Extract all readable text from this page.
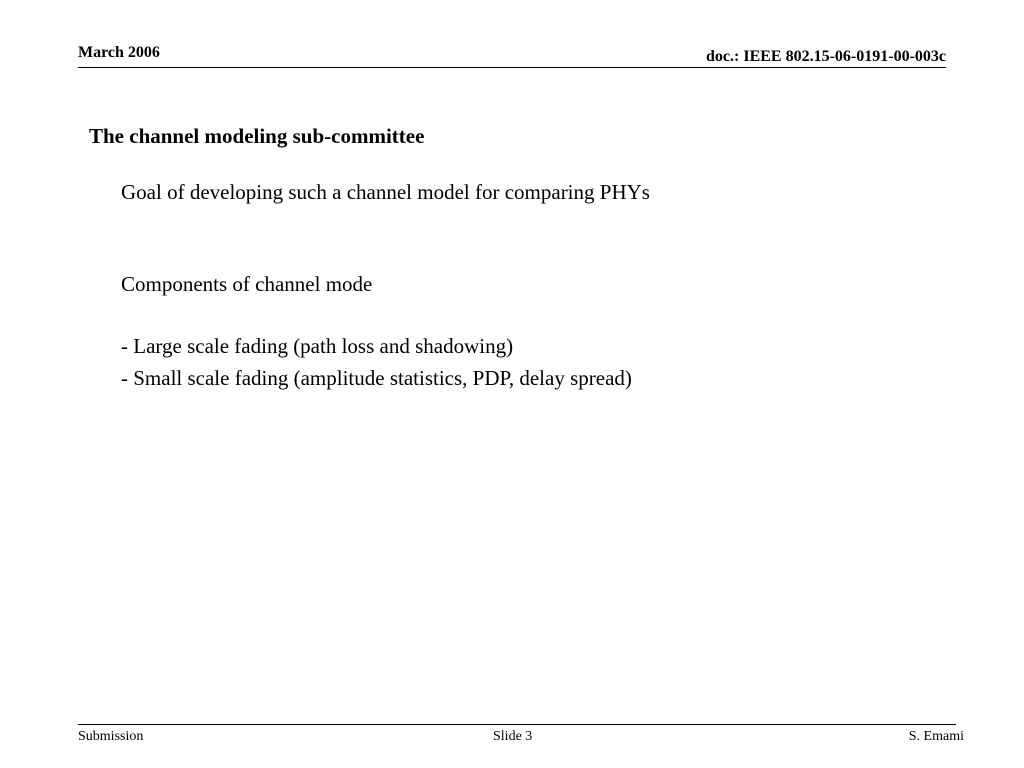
March 2006	doc.: IEEE 802.15-06-0191-00-003c
The channel modeling sub-committee
Goal of developing such a channel model for comparing PHYs
Components of channel mode
- Large scale fading (path loss and shadowing)
- Small scale fading (amplitude statistics, PDP, delay spread)
Submission	Slide 3	S. Emami
